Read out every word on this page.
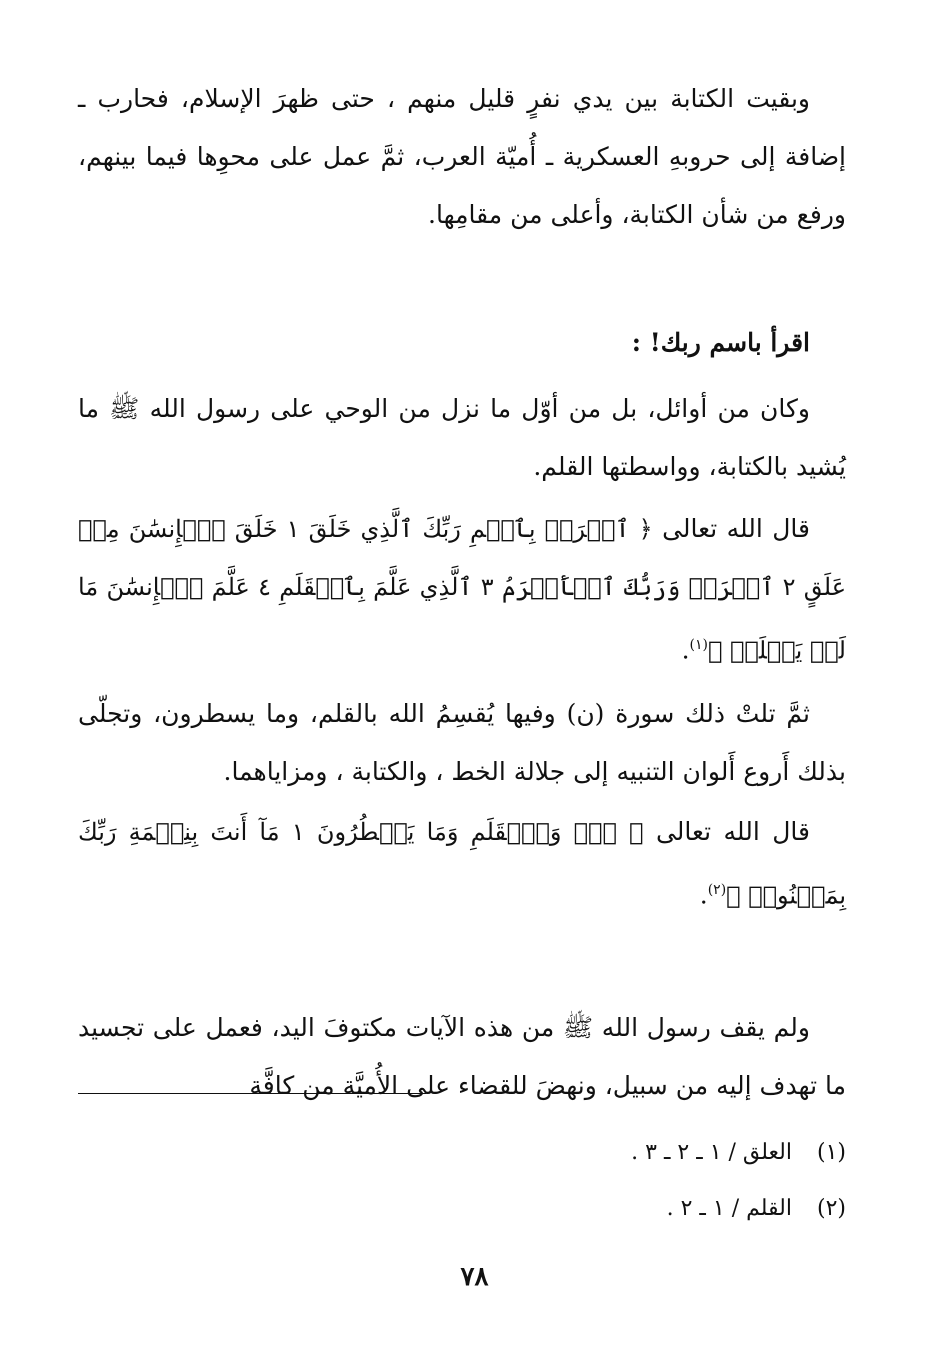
وبقيت الكتابة بين يدي نفرٍ قليل منهم ، حتى ظهرَ الإسلام، فحارب ـ إضافة إلى حروبهِ العسكرية ـ أُميّة العرب، ثمَّ عمل على محوِها فيما بينهم، ورفع من شأن الكتابة، وأعلى من مقامِها.

اقرأ باسم ربك! :

وكان من أوائل، بل من أوّل ما نزل من الوحي على رسول الله ﷺ ما يُشيد بالكتابة، وواسطتها القلم.

قال الله تعالى ﴿ ٱقۡرَأۡ بِٱسۡمِ رَبِّكَ ٱلَّذِي خَلَقَ ١ خَلَقَ ٱلۡإِنسَٰنَ مِنۡ عَلَقٍ ٢ ٱقۡرَأۡ وَرَبُّكَ ٱلۡأَكۡرَمُ ٣ ٱلَّذِي عَلَّمَ بِٱلۡقَلَمِ ٤ عَلَّمَ ٱلۡإِنسَٰنَ مَا لَمۡ يَعۡلَمۡ ﴾$^{(١)}$.

ثمَّ تلتْ ذلك سورة (ن) وفيها يُقسِمُ الله بالقلم، وما يسطرون، وتجلّى بذلك أَروع أَلوان التنبيه إلى جلالة الخط ، والكتابة ، ومزاياهما.

قال الله تعالى ﴿ نٓۚ وَٱلۡقَلَمِ وَمَا يَسۡطُرُونَ ١ مَآ أَنتَ بِنِعۡمَةِ رَبِّكَ بِمَجۡنُونٖ ﴾$^{(٢)}$.

ولم يقف رسول الله ﷺ من هذه الآيات مكتوفَ اليد، فعمل على تجسيد ما تهدف إليه من سبيل، ونهضَ للقضاء على الأُميَّة من كافَّة

(١) العلق / ١ ـ ٢ ـ ٣ .
(٢) القلم / ١ ـ ٢ .
٧٨
